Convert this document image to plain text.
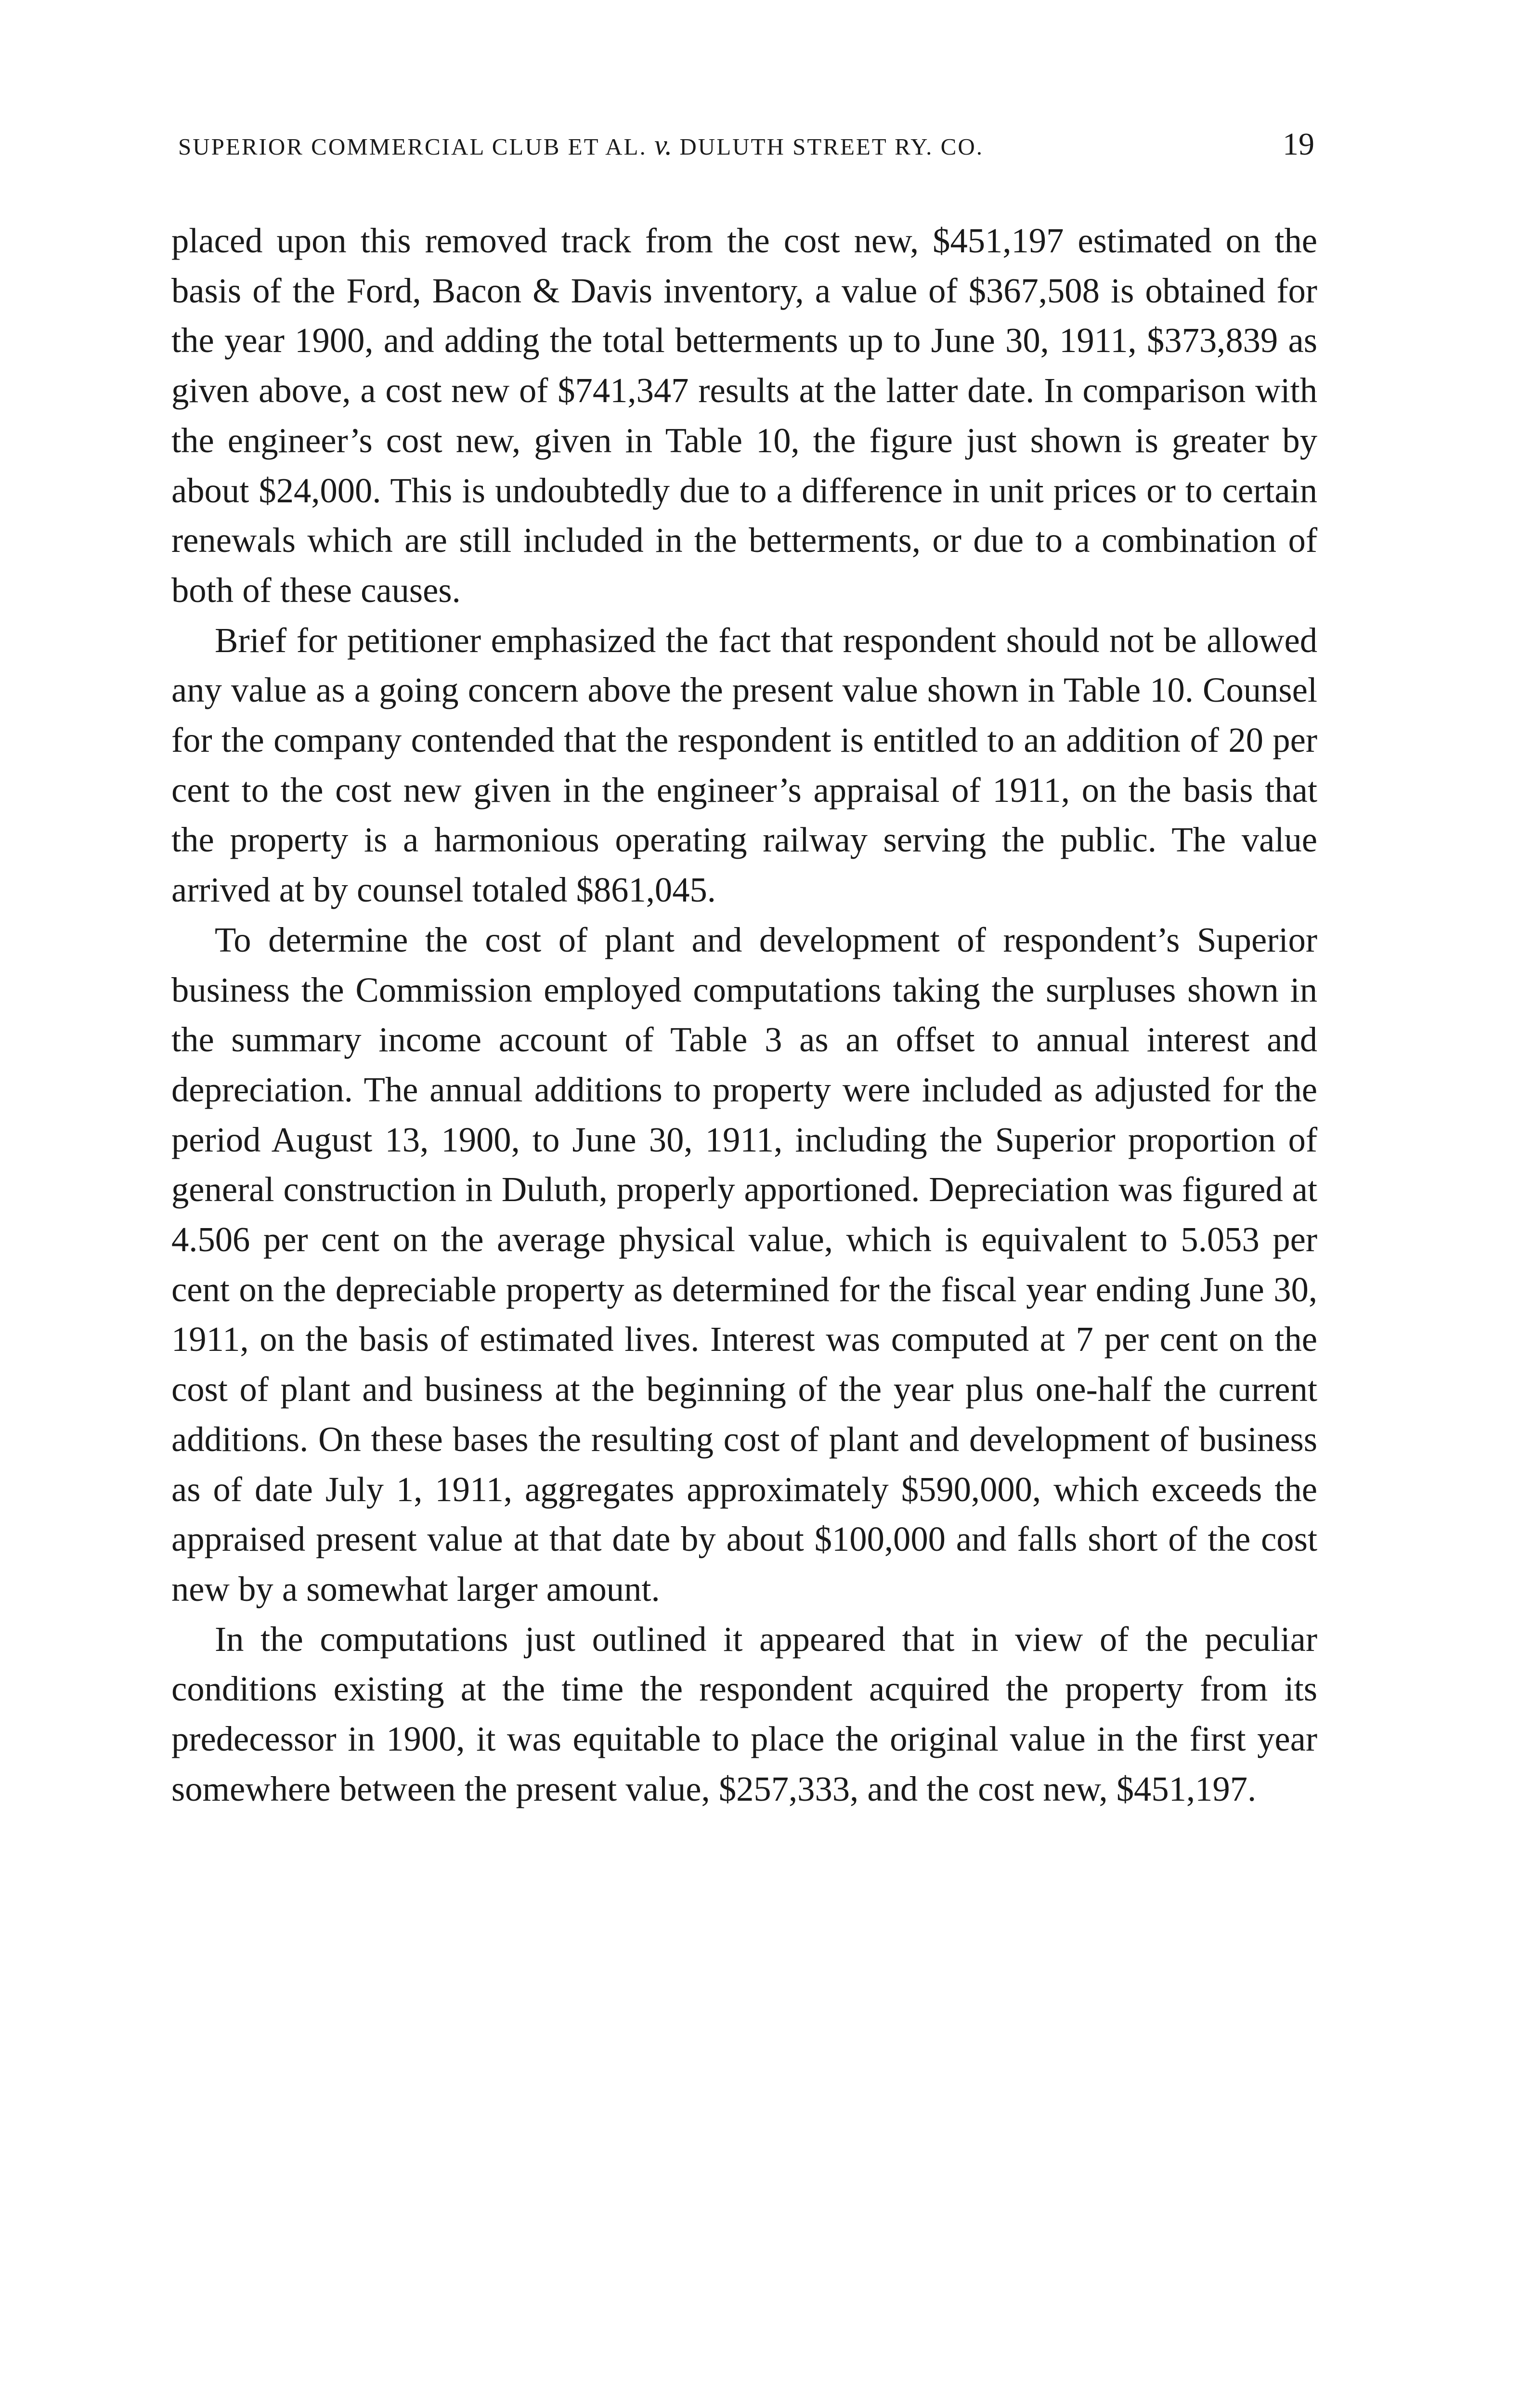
SUPERIOR COMMERCIAL CLUB ET AL. v. DULUTH STREET RY. CO.	19

placed upon this removed track from the cost new, $451,197 estimated on the basis of the Ford, Bacon & Davis inventory, a value of $367,508 is obtained for the year 1900, and adding the total betterments up to June 30, 1911, $373,839 as given above, a cost new of $741,347 results at the latter date. In comparison with the engineer’s cost new, given in Table 10, the figure just shown is greater by about $24,000. This is undoubtedly due to a difference in unit prices or to certain renewals which are still included in the betterments, or due to a combination of both of these causes.

Brief for petitioner emphasized the fact that respondent should not be allowed any value as a going concern above the present value shown in Table 10. Counsel for the company contended that the respondent is entitled to an addition of 20 per cent to the cost new given in the engineer’s appraisal of 1911, on the basis that the property is a harmonious operating railway serving the public. The value arrived at by counsel totaled $861,045.

To determine the cost of plant and development of respondent’s Superior business the Commission employed computations taking the surpluses shown in the summary income account of Table 3 as an offset to annual interest and depreciation. The annual additions to property were included as adjusted for the period August 13, 1900, to June 30, 1911, including the Superior proportion of general construction in Duluth, properly apportioned. Depreciation was figured at 4.506 per cent on the average physical value, which is equivalent to 5.053 per cent on the depreciable property as determined for the fiscal year ending June 30, 1911, on the basis of estimated lives. Interest was computed at 7 per cent on the cost of plant and business at the beginning of the year plus one-half the current additions. On these bases the resulting cost of plant and development of business as of date July 1, 1911, aggregates approximately $590,000, which exceeds the appraised present value at that date by about $100,000 and falls short of the cost new by a somewhat larger amount.

In the computations just outlined it appeared that in view of the peculiar conditions existing at the time the respondent acquired the property from its predecessor in 1900, it was equitable to place the original value in the first year somewhere between the present value, $257,333, and the cost new, $451,197.
